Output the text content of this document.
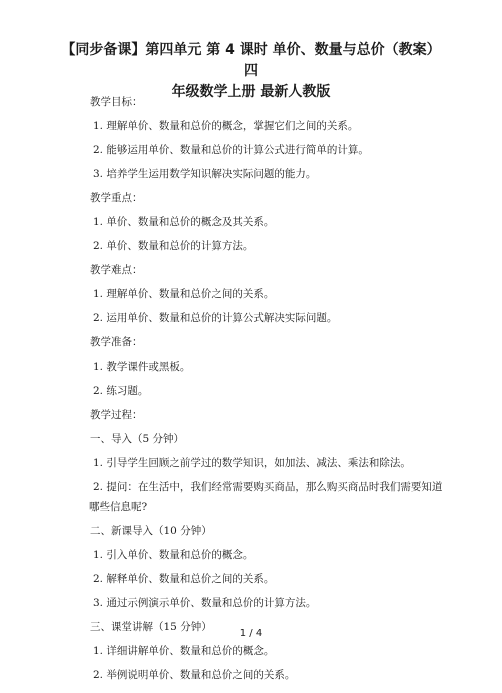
【同步备课】第四单元 第 4 课时 单价、数量与总价（教案）四
年级数学上册 最新人教版
教学目标：
1. 理解单价、数量和总价的概念，掌握它们之间的关系。
2. 能够运用单价、数量和总价的计算公式进行简单的计算。
3. 培养学生运用数学知识解决实际问题的能力。
教学重点：
1. 单价、数量和总价的概念及其关系。
2. 单价、数量和总价的计算方法。
教学难点：
1. 理解单价、数量和总价之间的关系。
2. 运用单价、数量和总价的计算公式解决实际问题。
教学准备：
1. 教学课件或黑板。
2. 练习题。
教学过程：
一、导入（5 分钟）
1. 引导学生回顾之前学过的数学知识，如加法、减法、乘法和除法。
2. 提问：在生活中，我们经常需要购买商品，那么购买商品时我们需要知道
哪些信息呢?
二、新课导入（10 分钟）
1. 引入单价、数量和总价的概念。
2. 解释单价、数量和总价之间的关系。
3. 通过示例演示单价、数量和总价的计算方法。
三、课堂讲解（15 分钟）
1. 详细讲解单价、数量和总价的概念。
2. 举例说明单价、数量和总价之间的关系。
1 / 4
